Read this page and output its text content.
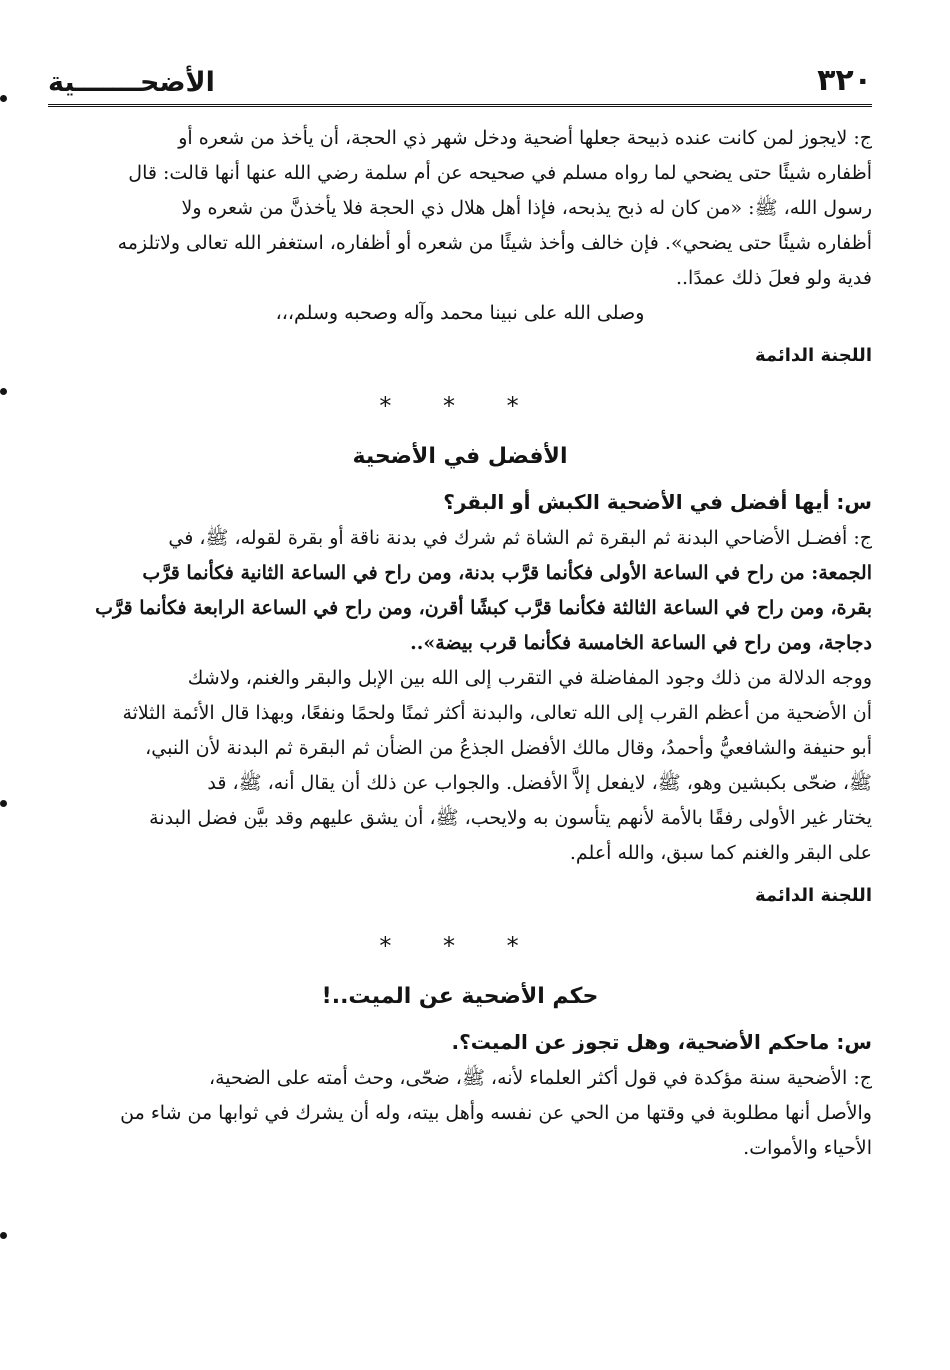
٣٢٠
الأضحـــــــية

ج: لايجوز لمن كانت عنده ذبيحة جعلها أضحية ودخل شهر ذي الحجة، أن يأخذ من شعره أو

أظفاره شيئًا حتى يضحي لما رواه مسلم في صحيحه عن أم سلمة رضي الله عنها أنها قالت: قال

رسول الله، ﷺ: «من كان له ذبح يذبحه، فإذا أهل هلال ذي الحجة فلا يأخذنَّ من شعره ولا

أظفاره شيئًا حتى يضحي». فإن خالف وأخذ شيئًا من شعره أو أظفاره، استغفر الله تعالى ولاتلزمه

فدية ولو فعلَ ذلك عمدًا..

وصلى الله على نبينا محمد وآله وصحبه وسلم،،،

اللجنة الدائمة

* * *
الأفضل في الأضحية

س: أيها أفضل في الأضحية الكبش أو البقر؟

ج: أفضـل الأضاحي البدنة ثم البقرة ثم الشاة ثم شرك في بدنة ناقة أو بقرة لقوله، ﷺ، في

الجمعة: من راح في الساعة الأولى فكأنما قرَّب بدنة، ومن راح في الساعة الثانية فكأنما قرَّب

بقرة، ومن راح في الساعة الثالثة فكأنما قرَّب كبشًا أقرن، ومن راح في الساعة الرابعة فكأنما قرَّب

دجاجة، ومن راح في الساعة الخامسة فكأنما قرب بيضة»..

ووجه الدلالة من ذلك وجود المفاضلة في التقرب إلى الله بين الإبل والبقر والغنم، ولاشك

أن الأضحية من أعظم القرب إلى الله تعالى، والبدنة أكثر ثمنًا ولحمًا ونفعًا، وبهذا قال الأئمة الثلاثة

أبو حنيفة والشافعيُّ وأحمدُ، وقال مالك الأفضل الجذعُ من الضأن ثم البقرة ثم البدنة لأن النبي،

ﷺ، ضحّى بكبشين وهو، ﷺ، لايفعل إلاَّ الأفضل. والجواب عن ذلك أن يقال أنه، ﷺ، قد

يختار غير الأولى رفقًا بالأمة لأنهم يتأسون به ولايحب، ﷺ، أن يشق عليهم وقد بيَّن فضل البدنة

على البقر والغنم كما سبق، والله أعلم.

اللجنة الدائمة

* * *
حكم الأضحية عن الميت..!

س: ماحكم الأضحية، وهل تجوز عن الميت؟.

ج: الأضحية سنة مؤكدة في قول أكثر العلماء لأنه، ﷺ، ضحّى، وحث أمته على الضحية،

والأصل أنها مطلوبة في وقتها من الحي عن نفسه وأهل بيته، وله أن يشرك في ثوابها من شاء من

الأحياء والأموات.
